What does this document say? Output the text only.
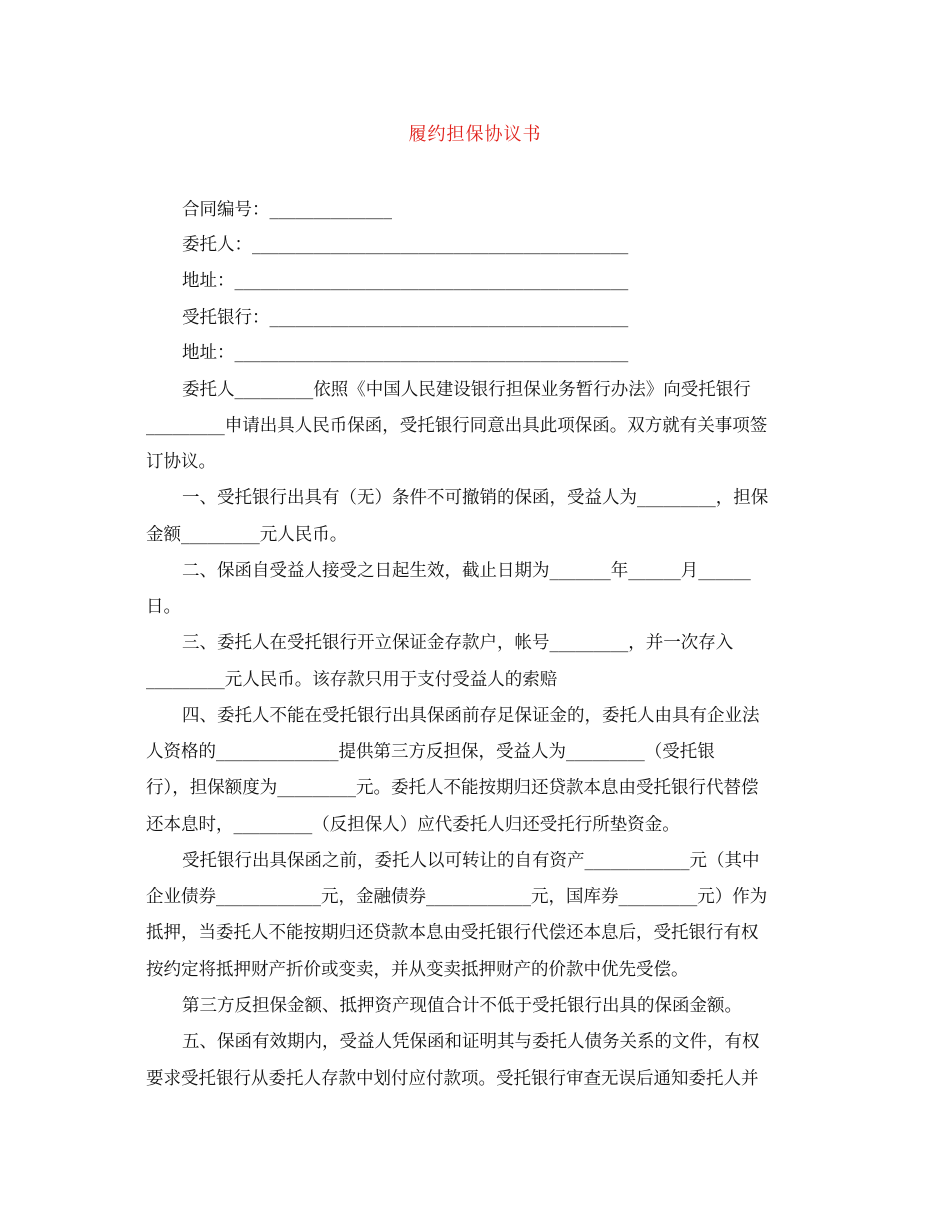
履约担保协议书
合同编号：______________
委托人：___________________________________________
地址：_____________________________________________
受托银行：_________________________________________
地址：_____________________________________________
委托人_________依照《中国人民建设银行担保业务暂行办法》向受托银行
_________申请出具人民币保函，受托银行同意出具此项保函。双方就有关事项签
订协议。
一、受托银行出具有（无）条件不可撤销的保函，受益人为_________，担保
金额_________元人民币。
二、保函自受益人接受之日起生效，截止日期为_______年______月______
日。
三、委托人在受托银行开立保证金存款户，帐号_________，并一次存入
_________元人民币。该存款只用于支付受益人的索赔
四、委托人不能在受托银行出具保函前存足保证金的，委托人由具有企业法
人资格的______________提供第三方反担保，受益人为_________（受托银
行），担保额度为_________元。委托人不能按期归还贷款本息由受托银行代替偿
还本息时，_________（反担保人）应代委托人归还受托行所垫资金。
受托银行出具保函之前，委托人以可转让的自有资产____________元（其中
企业债券____________元，金融债券____________元，国库券_________元）作为
抵押，当委托人不能按期归还贷款本息由受托银行代偿还本息后，受托银行有权
按约定将抵押财产折价或变卖，并从变卖抵押财产的价款中优先受偿。
第三方反担保金额、抵押资产现值合计不低于受托银行出具的保函金额。
五、保函有效期内，受益人凭保函和证明其与委托人债务关系的文件，有权
要求受托银行从委托人存款中划付应付款项。受托银行审查无误后通知委托人并
